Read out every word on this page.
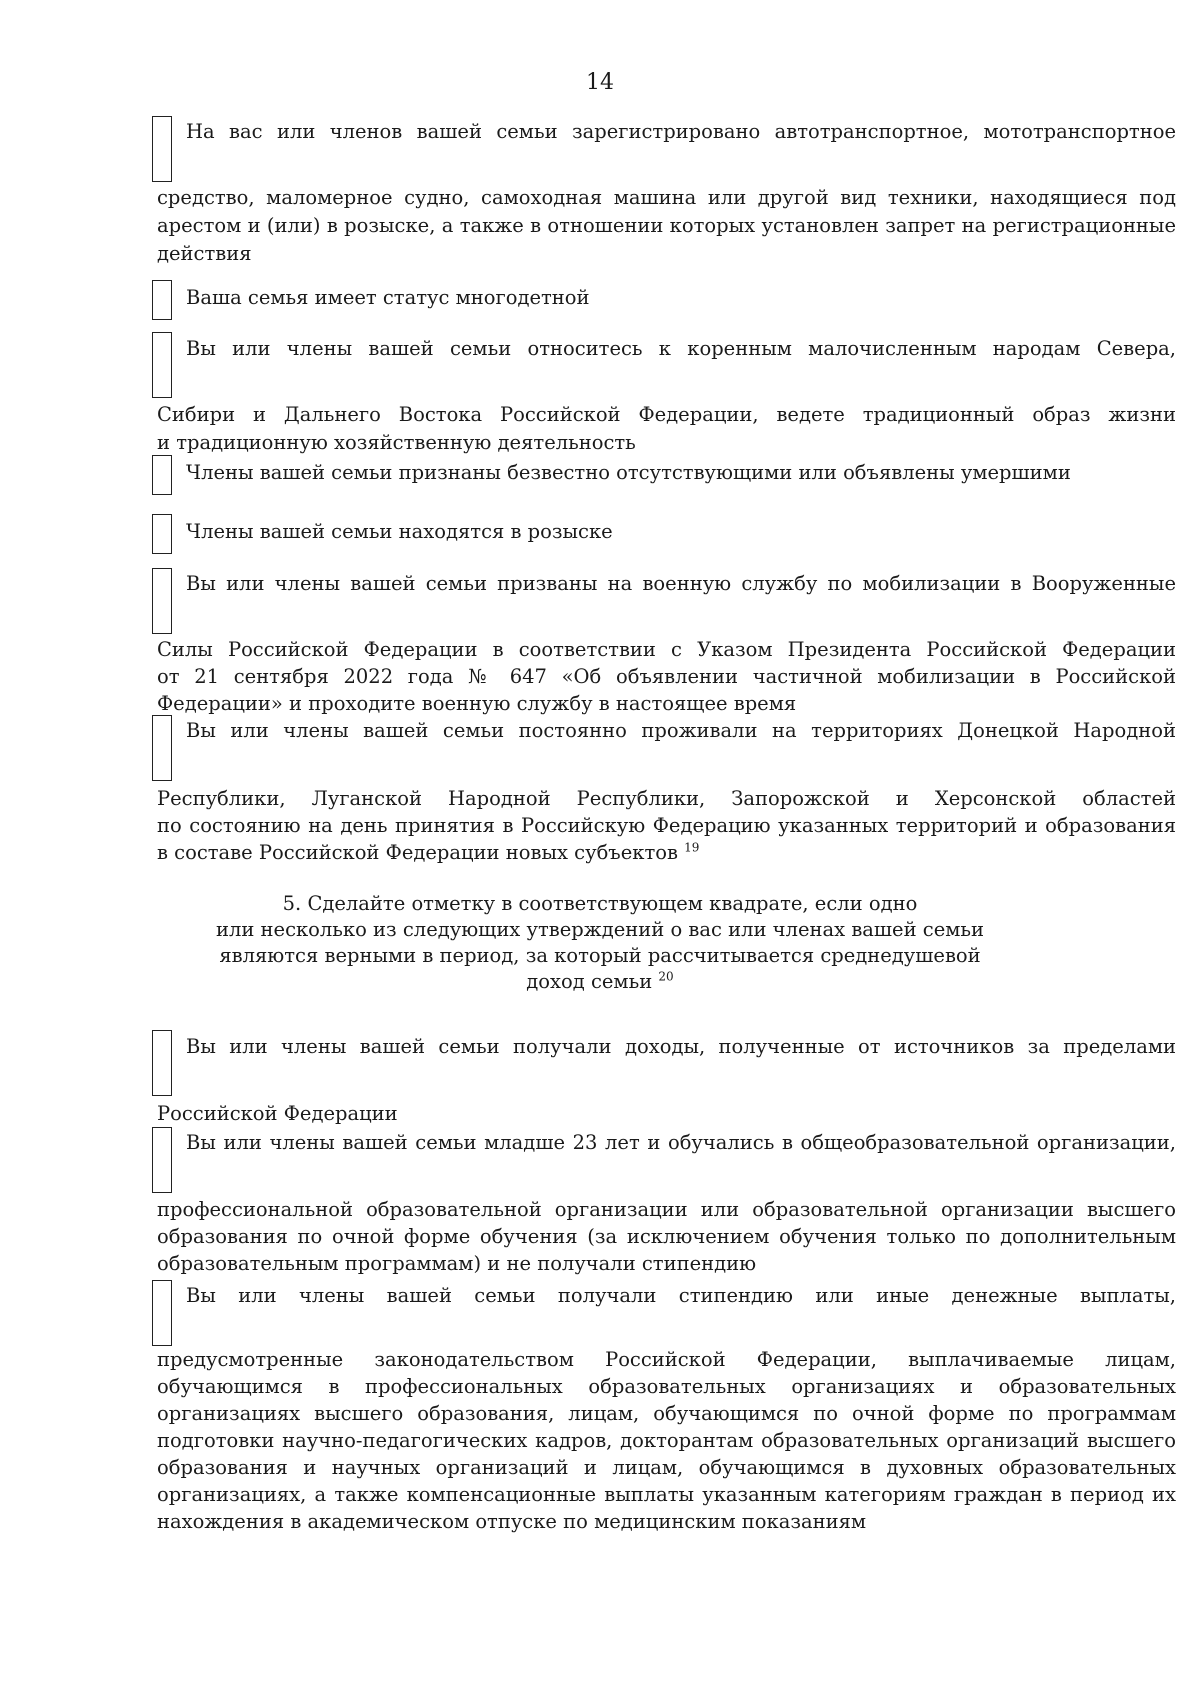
14
На вас или членов вашей семьи зарегистрировано автотранспортное, мототранспортное
средство, маломерное судно, самоходная машина или другой вид техники, находящиеся под
арестом и (или) в розыске, а также в отношении которых установлен запрет на регистрационные
действия
Ваша семья имеет статус многодетной
Вы или члены вашей семьи относитесь к коренным малочисленным народам Севера,
Сибири и Дальнего Востока Российской Федерации, ведете традиционный образ жизни
и традиционную хозяйственную деятельность
Члены вашей семьи признаны безвестно отсутствующими или объявлены умершими
Члены вашей семьи находятся в розыске
Вы или члены вашей семьи призваны на военную службу по мобилизации в Вооруженные
Силы Российской Федерации в соответствии с Указом Президента Российской Федерации
от 21 сентября 2022 года № 647 «Об объявлении частичной мобилизации в Российской
Федерации» и проходите военную службу в настоящее время
Вы или члены вашей семьи постоянно проживали на территориях Донецкой Народной
Республики, Луганской Народной Республики, Запорожской и Херсонской областей
по состоянию на день принятия в Российскую Федерацию указанных территорий и образования
в составе Российской Федерации новых субъектов $^{19}$
5. Сделайте отметку в соответствующем квадрате, если одно
или несколько из следующих утверждений о вас или членах вашей семьи
являются верными в период, за который рассчитывается среднедушевой
доход семьи $^{20}$
Вы или члены вашей семьи получали доходы, полученные от источников за пределами
Российской Федерации
Вы или члены вашей семьи младше 23 лет и обучались в общеобразовательной организации,
профессиональной образовательной организации или образовательной организации высшего
образования по очной форме обучения (за исключением обучения только по дополнительным
образовательным программам) и не получали стипендию
Вы или члены вашей семьи получали стипендию или иные денежные выплаты,
предусмотренные законодательством Российской Федерации, выплачиваемые лицам,
обучающимся в профессиональных образовательных организациях и образовательных
организациях высшего образования, лицам, обучающимся по очной форме по программам
подготовки научно-педагогических кадров, докторантам образовательных организаций высшего
образования и научных организаций и лицам, обучающимся в духовных образовательных
организациях, а также компенсационные выплаты указанным категориям граждан в период их
нахождения в академическом отпуске по медицинским показаниям
